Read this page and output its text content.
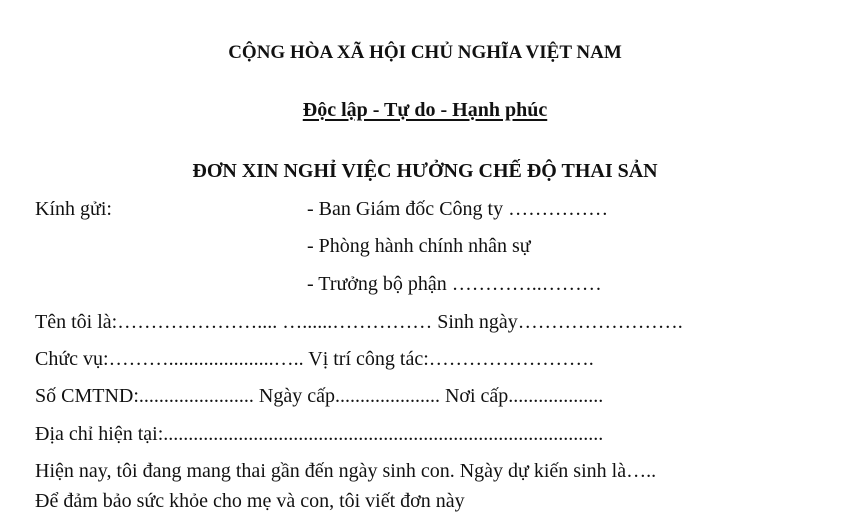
CỘNG HÒA XÃ HỘI CHỦ NGHĨA VIỆT NAM
Độc lập - Tự do - Hạnh phúc
ĐƠN XIN NGHỈ VIỆC HƯỞNG CHẾ ĐỘ THAI SẢN
Kính gửi:	- Ban Giám đốc Công ty ……………
- Phòng hành chính nhân sự
- Trưởng bộ phận …………..………
Tên tôi là:………………….... …......…………… Sinh ngày…………………….
Chức vụ:……….....................….. Vị trí công tác:…………………….
Số CMTND:....................... Ngày cấp..................... Nơi cấp...................
Địa chỉ hiện tại:........................................................................................
Hiện nay, tôi đang mang thai gần đến ngày sinh con. Ngày dự kiến sinh là…..
Để đảm bảo sức khỏe cho mẹ và con, tôi viết đơn này
